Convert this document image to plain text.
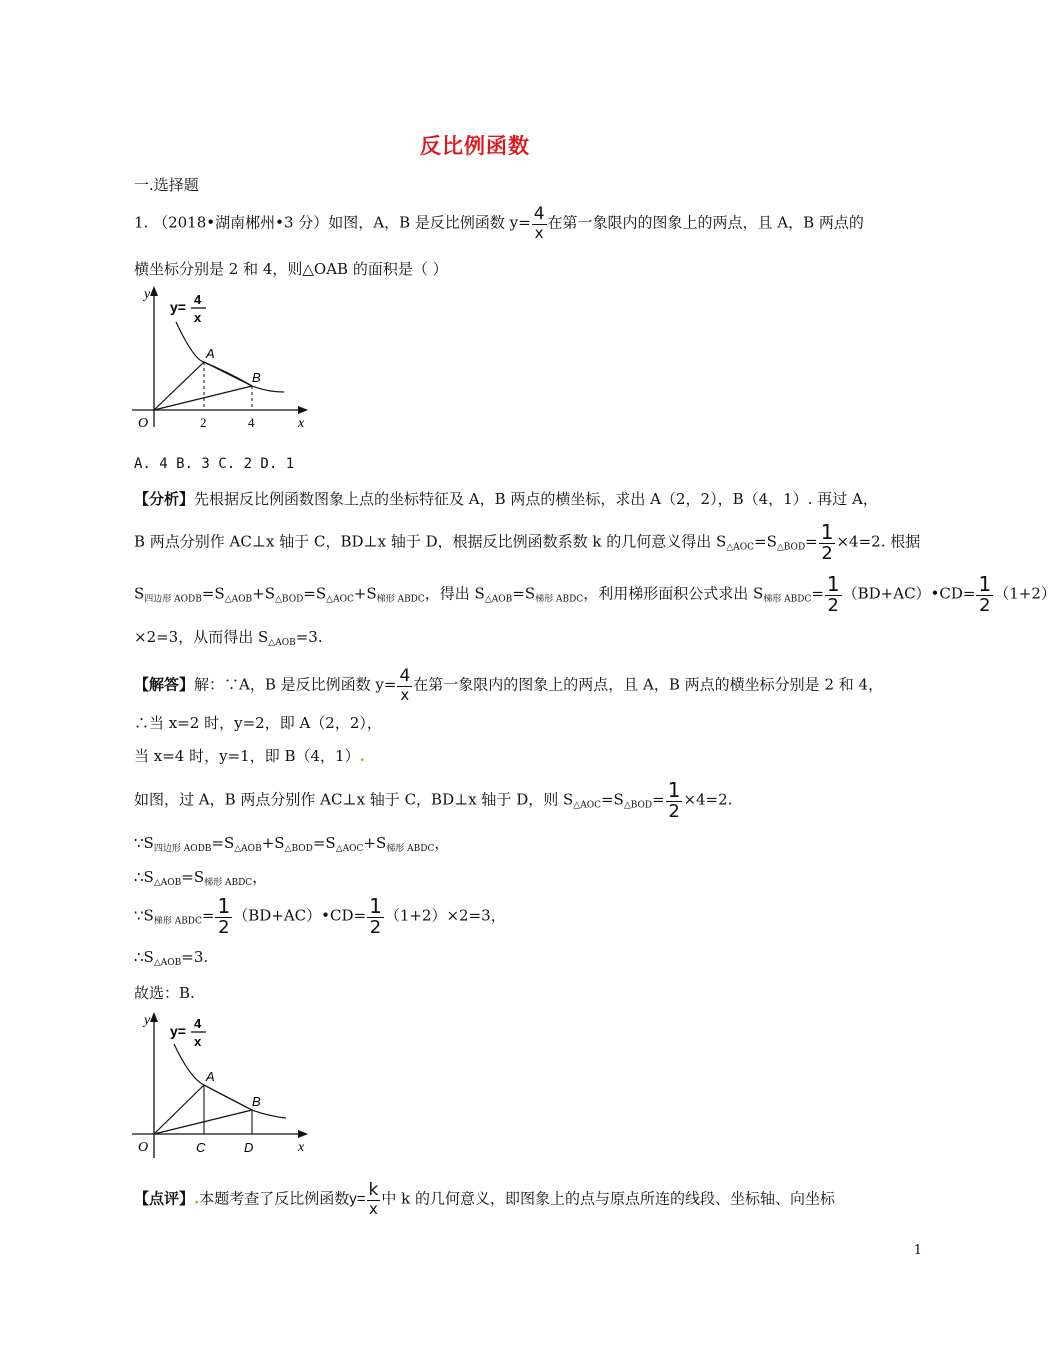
反比例函数
一.选择题
1. （2018•湖南郴州•3 分）如图，A，B 是反比例函数 $y= \frac{4}{x}$ 在第一象限内的图象上的两点，且 A，B 两点的
横坐标分别是 2 和 4，则△OAB 的面积是（ ）
y
x
O
A
B
2	4
y= 4
x
A. 4 B. 3 C. 2 D. 1
【分析】先根据反比例函数图象上点的坐标特征及 A，B 两点的横坐标，求出 A（2，2），B（4，1）. 再过 A，
B 两点分别作 AC⊥x 轴于 C，BD⊥x 轴于 D，根据反比例函数系数 k 的几何意义得出 $S_{\triangle AOC}=S_{\triangle BOD}= \frac{1}{2} \times 4=2$. 根据
$S_{四边形 AODB}=S_{\triangle AOB}+S_{\triangle BOD}=S_{\triangle AOC}+S_{梯形 ABDC}$，得出 $S_{\triangle AOB}=S_{梯形 ABDC}$，利用梯形面积公式求出 $S_{梯形 ABDC}= \frac{1}{2}$ （BD+AC）•CD= $\frac{1}{2} (1+2)$
×2=3，从而得出 $S_{\triangle AOB}=3$.
【解答】解：∵A，B 是反比例函数 $y= \frac{4}{x}$ 在第一象限内的图象上的两点，且 A，B 两点的横坐标分别是 2 和 4，
∴当 x=2 时，y=2，即 A（2，2），
当 x=4 时，y=1，即 B（4，1）.
如图，过 A，B 两点分别作 AC⊥x 轴于 C，BD⊥x 轴于 D，则 $S_{\triangle AOC}=S_{\triangle BOD}= \frac{1}{2} \times 4=2$.
$\because S_{四边形 AODB}=S_{\triangle AOB}+S_{\triangle BOD}=S_{\triangle AOC}+S_{梯形 ABDC}$，
$\therefore S_{\triangle AOB}=S_{梯形 ABDC}$，
$\because S_{梯形 ABDC}= \frac{1}{2}$ （BD+AC）•CD= $\frac{1}{2} (1+2)\times 2=3$，
$\therefore S_{\triangle AOB}=3$.
故选：B.
y
x
O
A
B
C	D
y= 4
x
【点评】.本题考查了反比例函数$y= \frac{k}{x}$ 中 k 的几何意义，即图象上的点与原点所连的线段、坐标轴、向坐标
1
